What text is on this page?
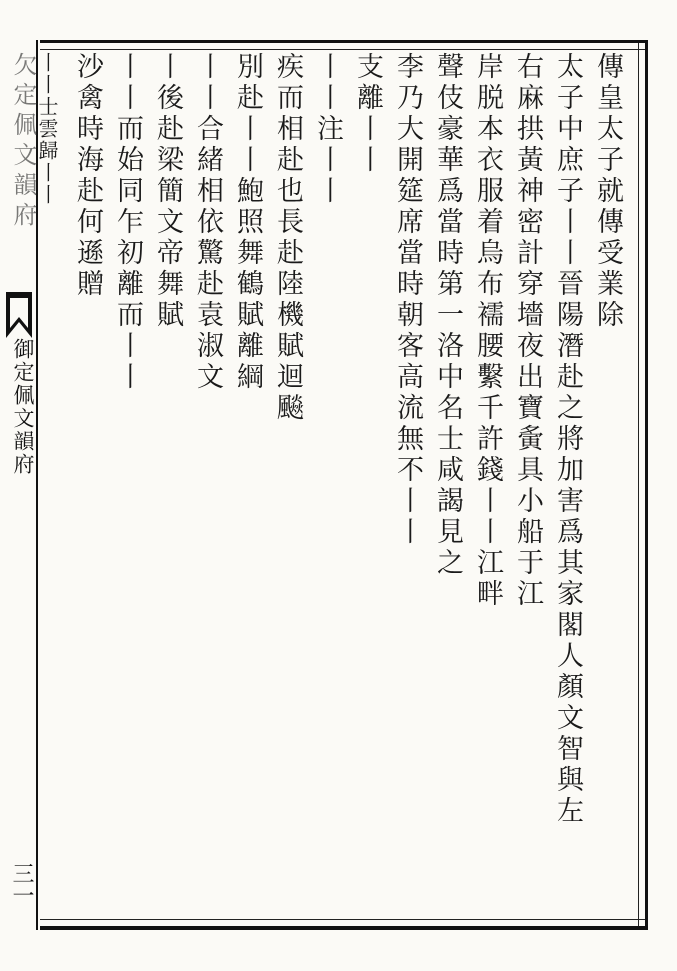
欠定佩文韻府
御定佩文韻府
三一
傳皇太子就傳受業除
太子中庶子丨丨晉陽潛赴之將加害爲其家閣人顏文智與左
右麻拱黃神密計穿墻夜出寶夤具小船于江
岸脱本衣服着烏布襦腰繫千許錢丨丨江畔
聲伎豪華爲當時第一洛中名士咸謁見之
李乃大開筵席當時朝客高流無不丨丨
支離丨丨
丨丨注丨丨
疾而相赴也長赴陸機賦迴飈
別赴丨丨鮑照舞鶴賦離綱
丨丨合緒相依驚赴袁淑文
丨後赴梁簡文帝舞賦
丨丨而始同乍初離而丨丨
沙禽時海赴何遜贈
丨丨士雲歸丨丨
